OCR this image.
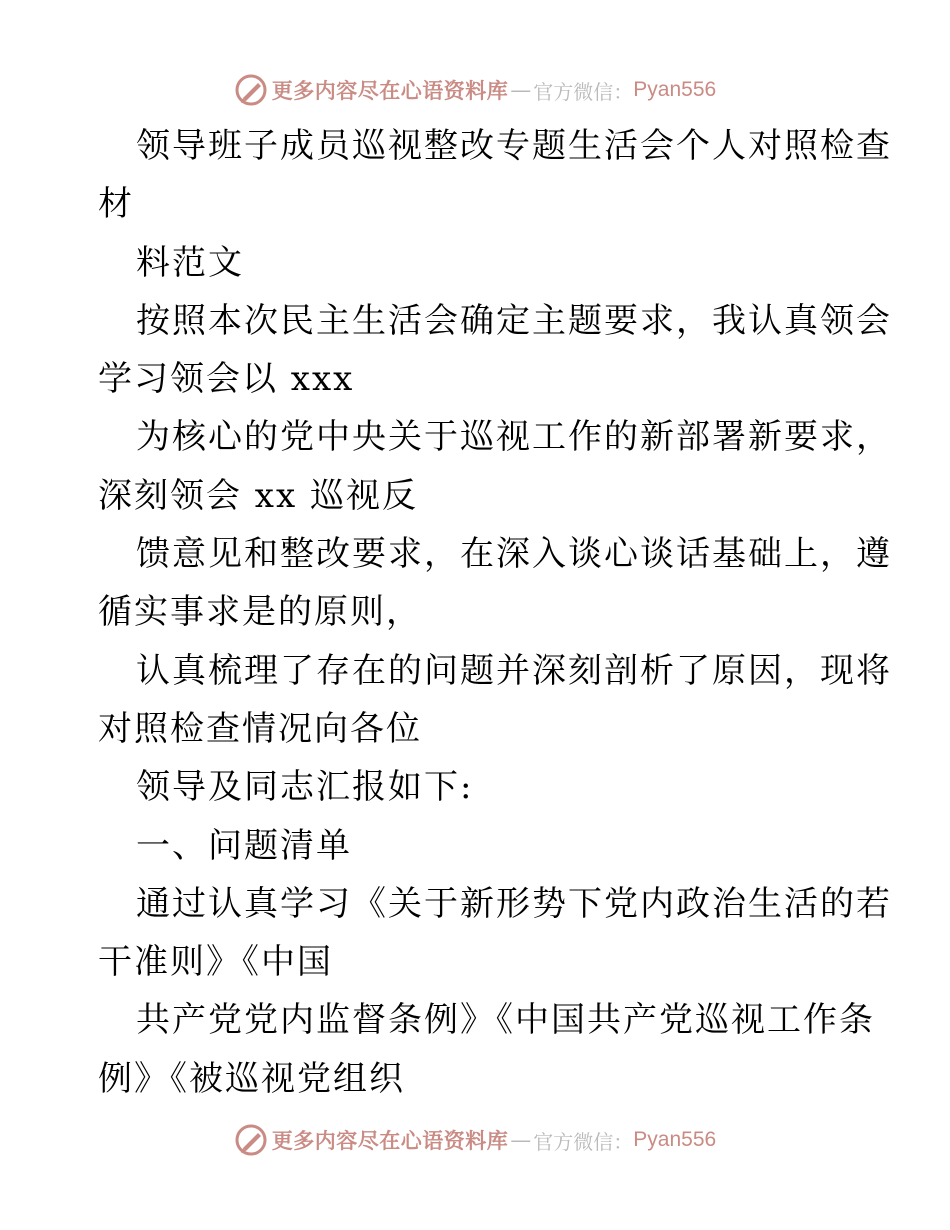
更多内容尽在心语资料库 — 官方微信： Pyan556
领导班子成员巡视整改专题生活会个人对照检查
材
料范文
按照本次民主生活会确定主题要求，我认真领会
学习领会以 xxx
为核心的党中央关于巡视工作的新部署新要求，
深刻领会 xx 巡视反
馈意见和整改要求，在深入谈心谈话基础上，遵
循实事求是的原则，
认真梳理了存在的问题并深刻剖析了原因，现将
对照检查情况向各位
领导及同志汇报如下:
一、问题清单
通过认真学习《关于新形势下党内政治生活的若
干准则》《中国
共产党党内监督条例》《中国共产党巡视工作条
例》《被巡视党组织
更多内容尽在心语资料库 — 官方微信： Pyan556
